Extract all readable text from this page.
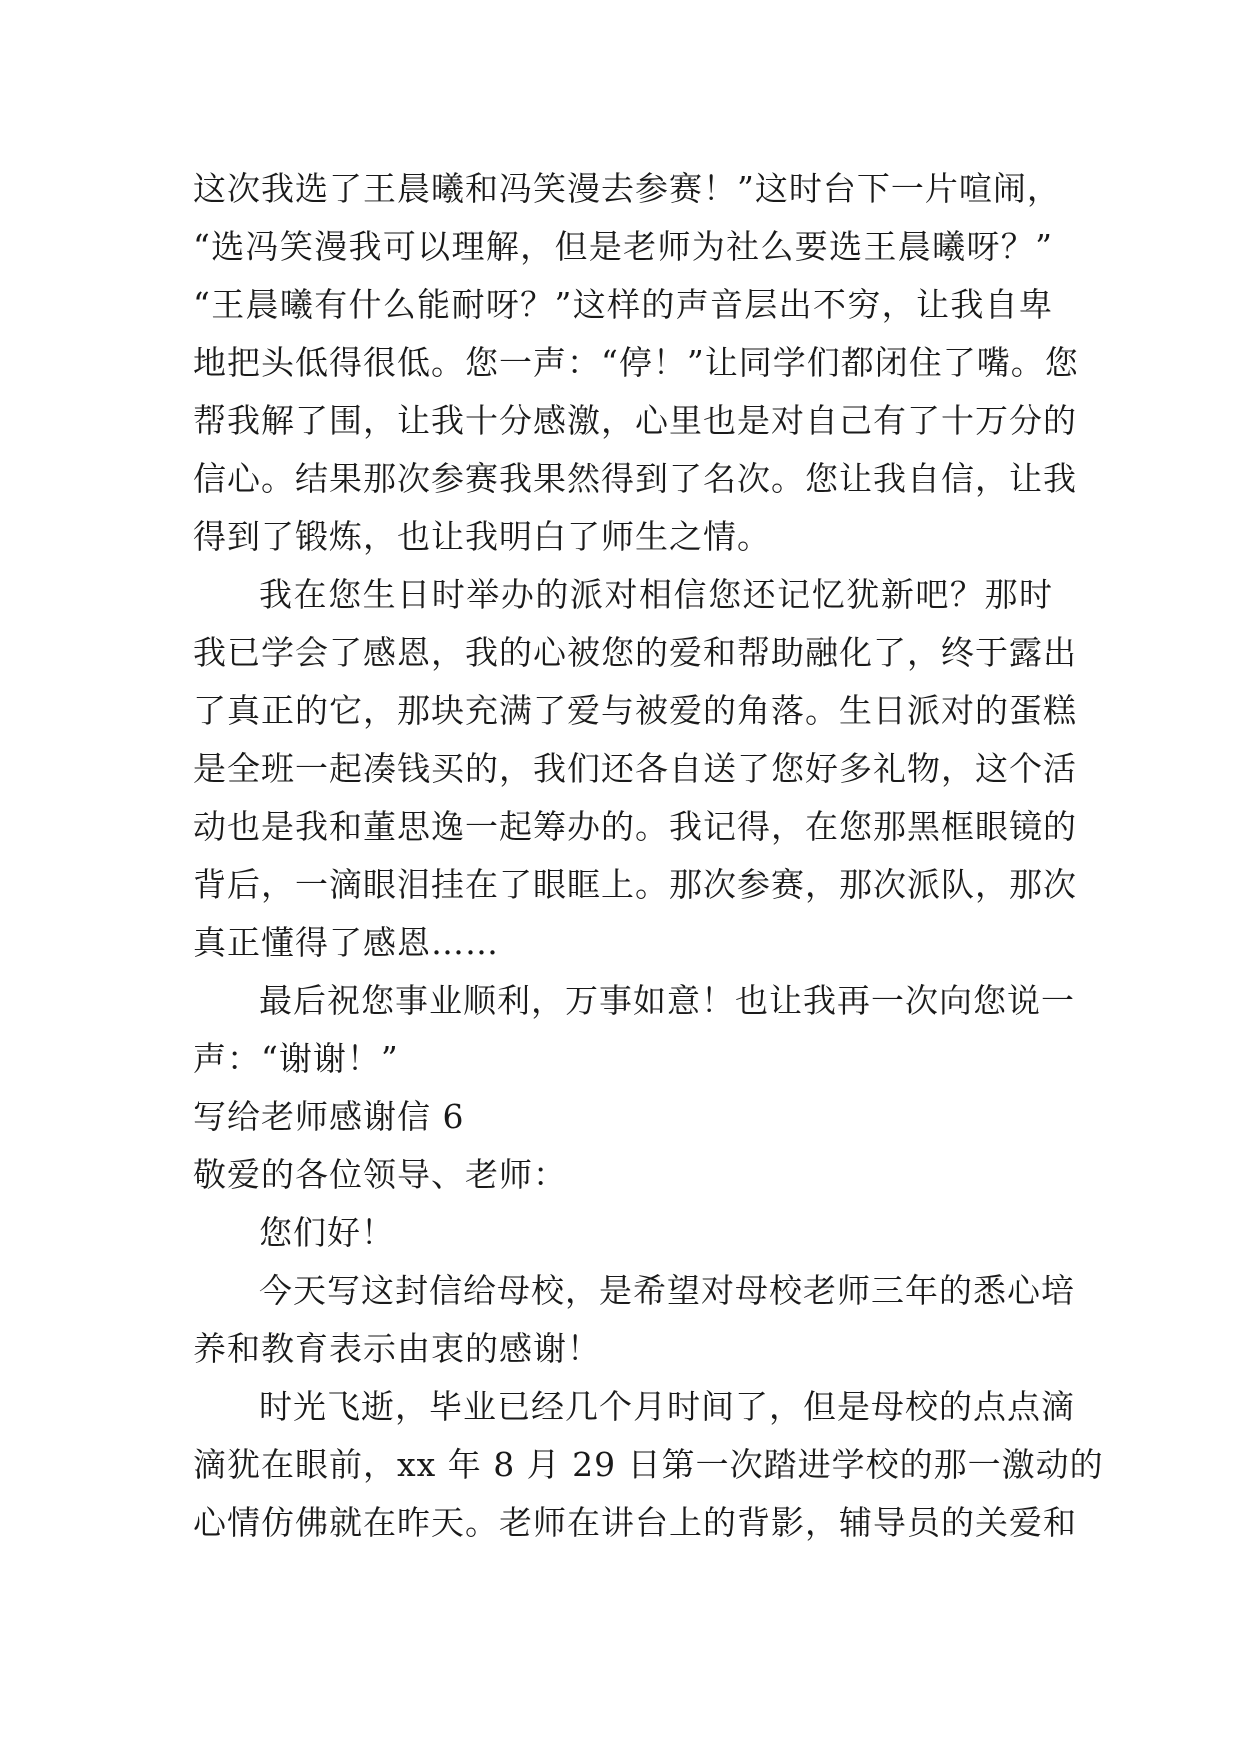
这次我选了王晨曦和冯笑漫去参赛！”这时台下一片喧闹，
“选冯笑漫我可以理解，但是老师为社么要选王晨曦呀？”
“王晨曦有什么能耐呀？”这样的声音层出不穷，让我自卑
地把头低得很低。您一声：“停！”让同学们都闭住了嘴。您
帮我解了围，让我十分感激，心里也是对自己有了十万分的
信心。结果那次参赛我果然得到了名次。您让我自信，让我
得到了锻炼，也让我明白了师生之情。
我在您生日时举办的派对相信您还记忆犹新吧？那时
我已学会了感恩，我的心被您的爱和帮助融化了，终于露出
了真正的它，那块充满了爱与被爱的角落。生日派对的蛋糕
是全班一起凑钱买的，我们还各自送了您好多礼物，这个活
动也是我和董思逸一起筹办的。我记得，在您那黑框眼镜的
背后，一滴眼泪挂在了眼眶上。那次参赛，那次派队，那次
真正懂得了感恩……
最后祝您事业顺利，万事如意！也让我再一次向您说一
声：“谢谢！”
写给老师感谢信 6
敬爱的各位领导、老师：
您们好！
今天写这封信给母校，是希望对母校老师三年的悉心培
养和教育表示由衷的感谢！
时光飞逝，毕业已经几个月时间了，但是母校的点点滴
滴犹在眼前，xx 年 8 月 29 日第一次踏进学校的那一激动的
心情仿佛就在昨天。老师在讲台上的背影，辅导员的关爱和
